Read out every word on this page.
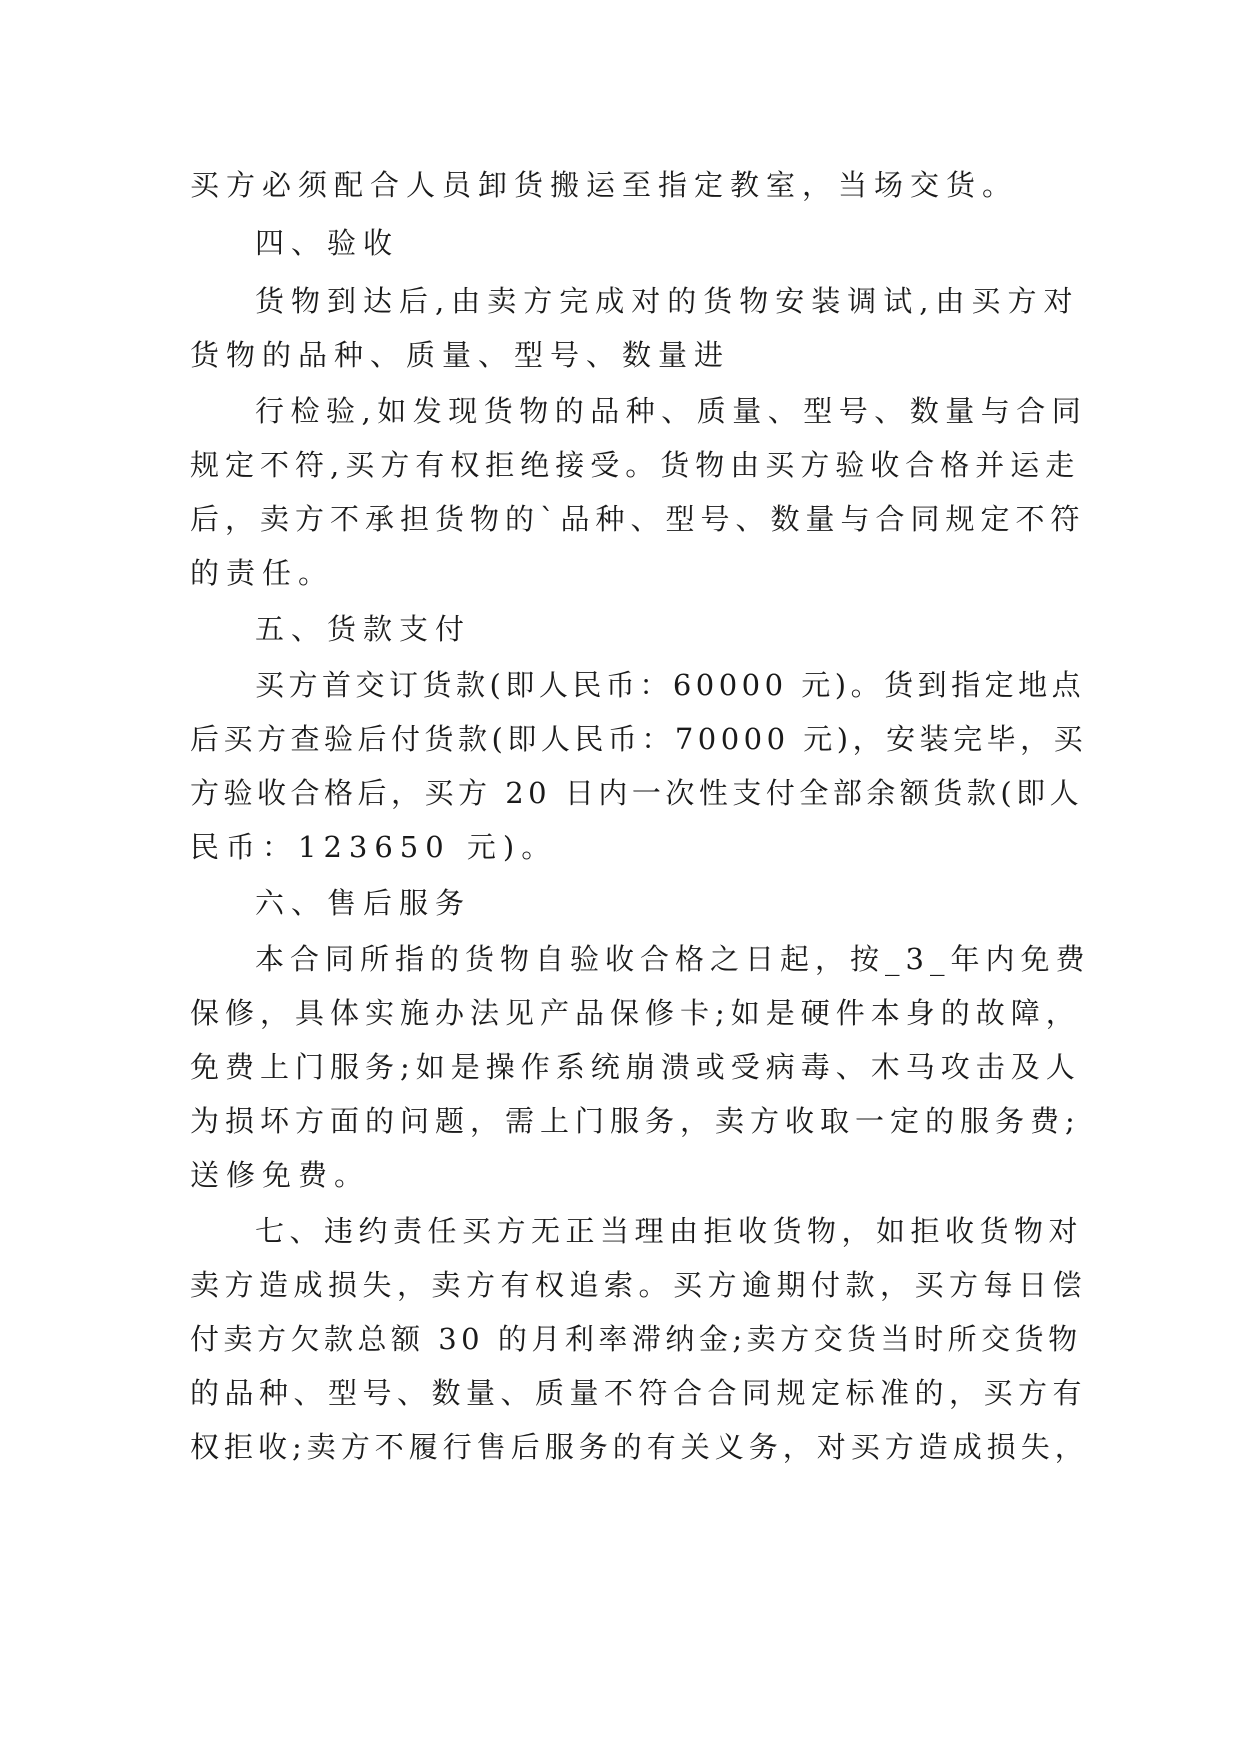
买方必须配合人员卸货搬运至指定教室，当场交货。
四、验收
货物到达后,由卖方完成对的货物安装调试,由买方对
货物的品种、质量、型号、数量进
行检验,如发现货物的品种、质量、型号、数量与合同
规定不符,买方有权拒绝接受。货物由买方验收合格并运走
后，卖方不承担货物的`品种、型号、数量与合同规定不符
的责任。
五、货款支付
买方首交订货款(即人民币：60000 元)。货到指定地点
后买方查验后付货款(即人民币：70000 元)，安装完毕，买
方验收合格后，买方 20 日内一次性支付全部余额货款(即人
民币：123650 元)。
六、售后服务
本合同所指的货物自验收合格之日起，按_3_年内免费
保修，具体实施办法见产品保修卡;如是硬件本身的故障，
免费上门服务;如是操作系统崩溃或受病毒、木马攻击及人
为损坏方面的问题，需上门服务，卖方收取一定的服务费;
送修免费。
七、违约责任买方无正当理由拒收货物，如拒收货物对
卖方造成损失，卖方有权追索。买方逾期付款，买方每日偿
付卖方欠款总额 30 的月利率滞纳金;卖方交货当时所交货物
的品种、型号、数量、质量不符合合同规定标准的，买方有
权拒收;卖方不履行售后服务的有关义务，对买方造成损失，
